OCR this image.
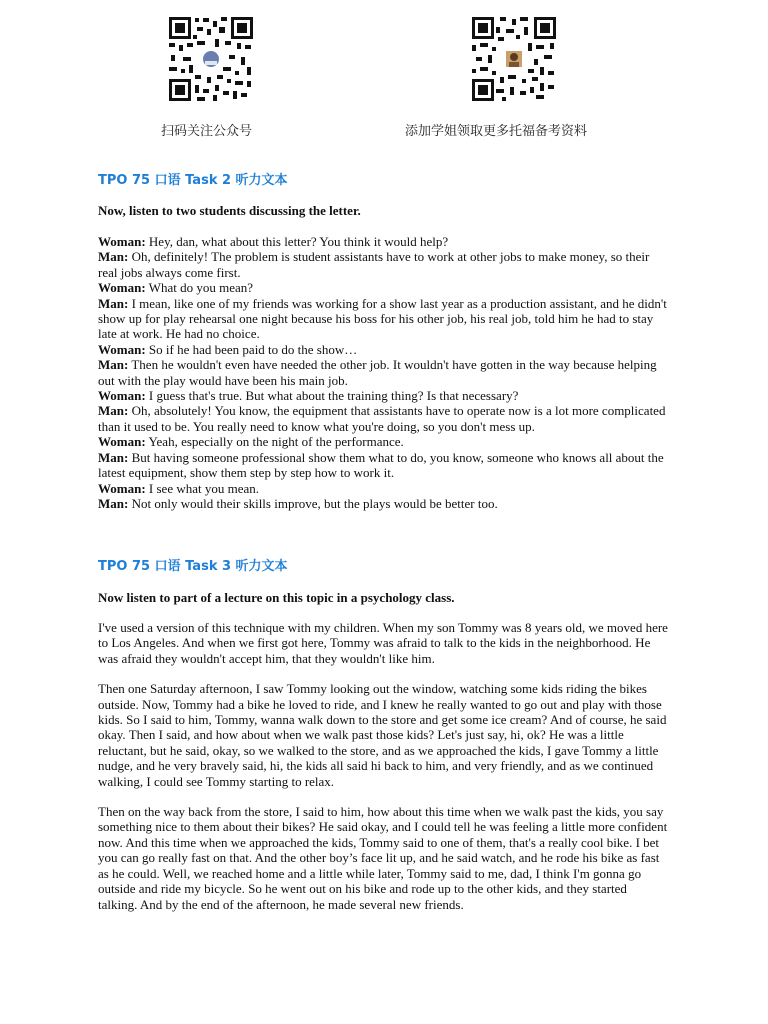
扫码关注公众号	添加学姐领取更多托福备考资料
TPO 75 口语 Task 2 听力文本
Now, listen to two students discussing the letter.
Woman: Hey, dan, what about this letter? You think it would help?
Man: Oh, definitely! The problem is student assistants have to work at other jobs to make money, so their real jobs always come first.
Woman: What do you mean?
Man: I mean, like one of my friends was working for a show last year as a production assistant, and he didn't show up for play rehearsal one night because his boss for his other job, his real job, told him he had to stay late at work. He had no choice.
Woman: So if he had been paid to do the show…
Man: Then he wouldn't even have needed the other job. It wouldn't have gotten in the way because helping out with the play would have been his main job.
Woman: I guess that's true. But what about the training thing? Is that necessary?
Man: Oh, absolutely! You know, the equipment that assistants have to operate now is a lot more complicated than it used to be. You really need to know what you're doing, so you don't mess up.
Woman: Yeah, especially on the night of the performance.
Man: But having someone professional show them what to do, you know, someone who knows all about the latest equipment, show them step by step how to work it.
Woman: I see what you mean.
Man: Not only would their skills improve, but the plays would be better too.
TPO 75 口语 Task 3 听力文本
Now listen to part of a lecture on this topic in a psychology class.

I've used a version of this technique with my children. When my son Tommy was 8 years old, we moved here to Los Angeles. And when we first got here, Tommy was afraid to talk to the kids in the neighborhood. He was afraid they wouldn't accept him, that they wouldn't like him.

Then one Saturday afternoon, I saw Tommy looking out the window, watching some kids riding the bikes outside. Now, Tommy had a bike he loved to ride, and I knew he really wanted to go out and play with those kids. So I said to him, Tommy, wanna walk down to the store and get some ice cream? And of course, he said okay. Then I said, and how about when we walk past those kids? Let's just say, hi, ok? He was a little reluctant, but he said, okay, so we walked to the store, and as we approached the kids, I gave Tommy a little nudge, and he very bravely said, hi, the kids all said hi back to him, and very friendly, and as we continued walking, I could see Tommy starting to relax.

Then on the way back from the store, I said to him, how about this time when we walk past the kids, you say something nice to them about their bikes? He said okay, and I could tell he was feeling a little more confident now. And this time when we approached the kids, Tommy said to one of them, that's a really cool bike. I bet you can go really fast on that. And the other boy’s face lit up, and he said watch, and he rode his bike as fast as he could. Well, we reached home and a little while later, Tommy said to me, dad, I think I'm gonna go outside and ride my bicycle. So he went out on his bike and rode up to the other kids, and they started talking. And by the end of the afternoon, he made several new friends.
